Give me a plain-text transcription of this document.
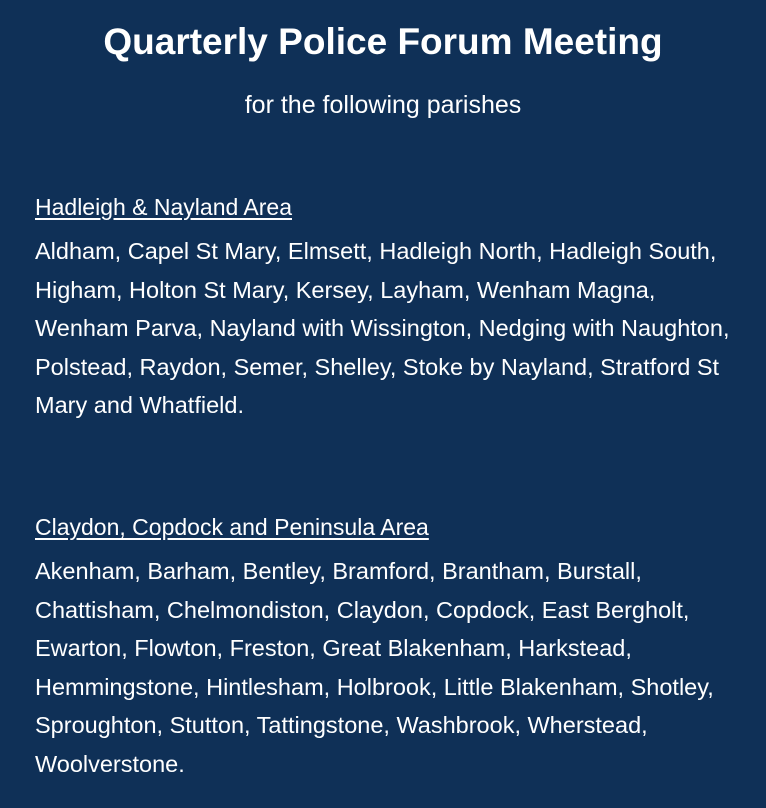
Quarterly Police Forum Meeting

for the following parishes

Hadleigh & Nayland Area

Aldham, Capel St Mary, Elmsett, Hadleigh North, Hadleigh South, Higham, Holton St Mary, Kersey, Layham, Wenham Magna, Wenham Parva, Nayland with Wissington, Nedging with Naughton, Polstead, Raydon, Semer, Shelley, Stoke by Nayland, Stratford St Mary and Whatfield.

Claydon, Copdock and Peninsula Area

Akenham, Barham, Bentley, Bramford, Brantham, Burstall, Chattisham, Chelmondiston, Claydon, Copdock, East Bergholt, Ewarton, Flowton, Freston, Great Blakenham, Harkstead, Hemmingstone, Hintlesham, Holbrook, Little Blakenham, Shotley, Sproughton, Stutton, Tattingstone, Washbrook, Wherstead, Woolverstone.
